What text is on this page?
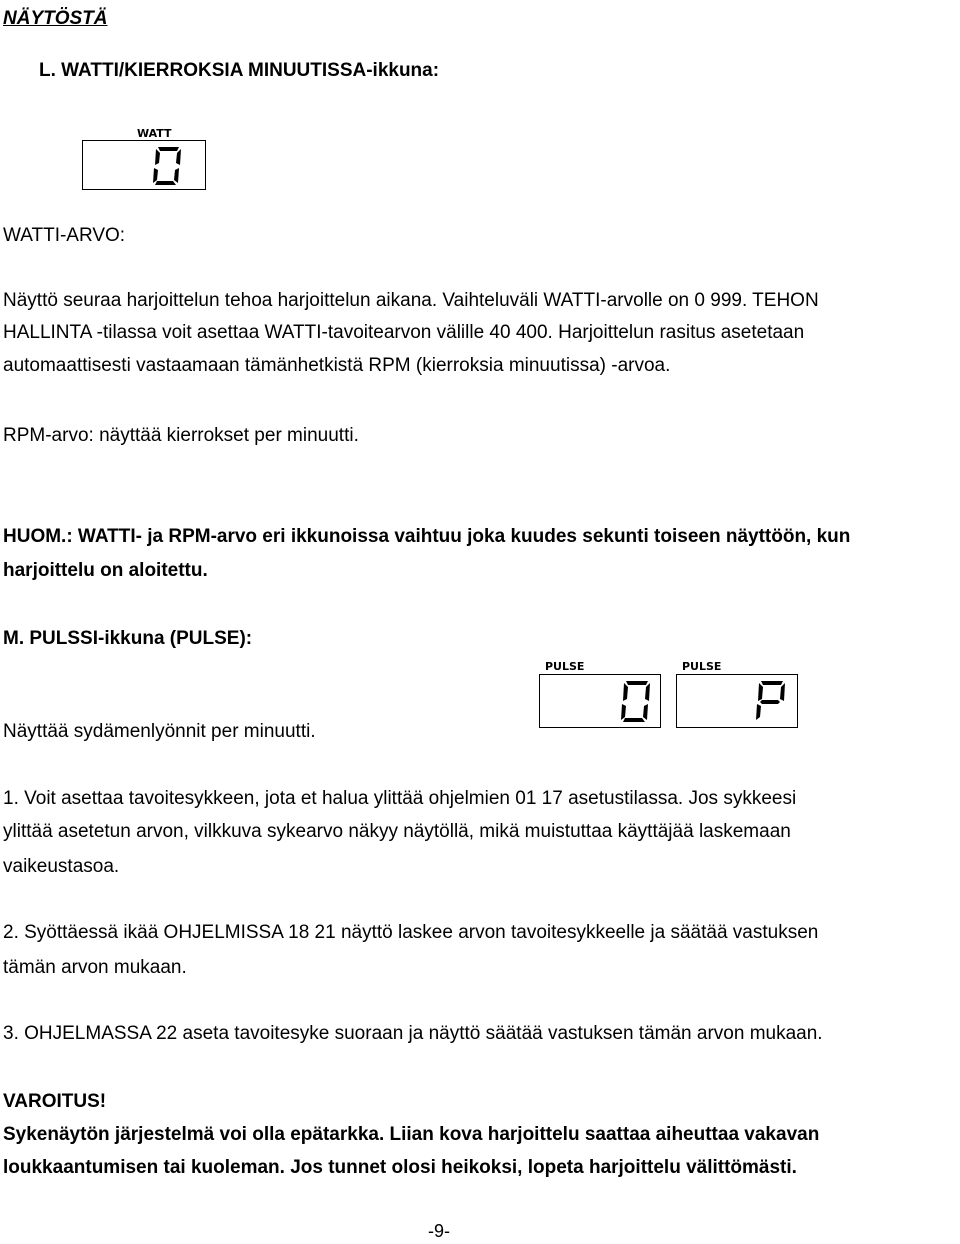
NÄYTÖSTÄ

L. WATTI/KIERROKSIA MINUUTISSA-ikkuna:

WATT

WATTI-ARVO:

Näyttö seuraa harjoittelun tehoa harjoittelun aikana. Vaihteluväli WATTI-arvolle on 0 999. TEHON

HALLINTA -tilassa voit asettaa WATTI-tavoitearvon välille 40 400. Harjoittelun rasitus asetetaan

automaattisesti vastaamaan tämänhetkistä RPM (kierroksia minuutissa) -arvoa.

RPM-arvo: näyttää kierrokset per minuutti.

HUOM.: WATTI- ja RPM-arvo eri ikkunoissa vaihtuu joka kuudes sekunti toiseen näyttöön, kun

harjoittelu on aloitettu.

M. PULSSI-ikkuna (PULSE):

PULSE	PULSE

Näyttää sydämenlyönnit per minuutti.

1. Voit asettaa tavoitesykkeen, jota et halua ylittää ohjelmien 01 17 asetustilassa. Jos sykkeesi

ylittää asetetun arvon, vilkkuva sykearvo näkyy näytöllä, mikä muistuttaa käyttäjää laskemaan

vaikeustasoa.

2. Syöttäessä ikää OHJELMISSA 18 21 näyttö laskee arvon tavoitesykkeelle ja säätää vastuksen

tämän arvon mukaan.

3. OHJELMASSA 22 aseta tavoitesyke suoraan ja näyttö säätää vastuksen tämän arvon mukaan.

VAROITUS!

Sykenäytön järjestelmä voi olla epätarkka. Liian kova harjoittelu saattaa aiheuttaa vakavan

loukkaantumisen tai kuoleman. Jos tunnet olosi heikoksi, lopeta harjoittelu välittömästi.

-9-
